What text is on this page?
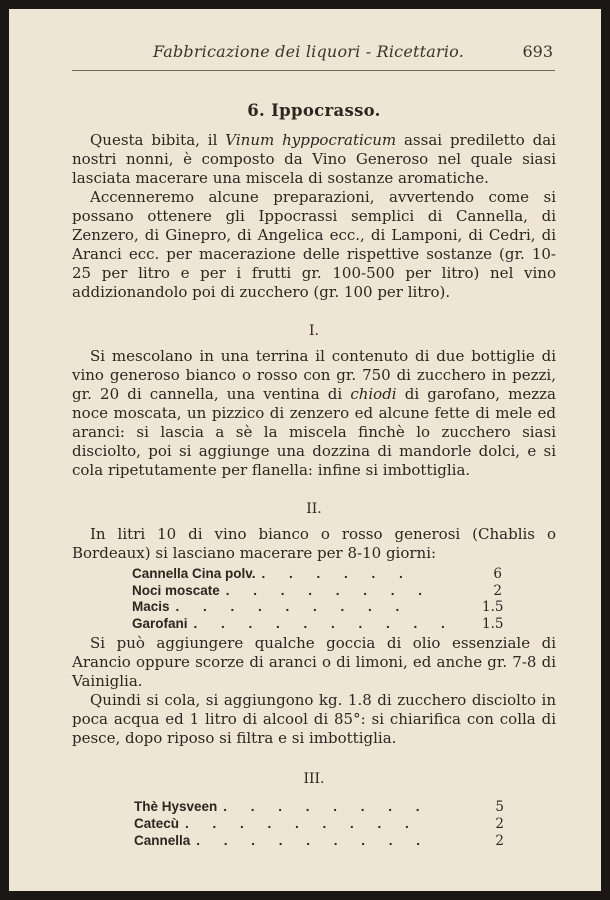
Fabbricazione dei liquori - Ricettario.	693
6. Ippocrasso.

Questa bibita, il Vinum hyppocraticum assai prediletto dai nostri nonni, è composto da Vino Generoso nel quale siasi lasciata macerare una miscela di sostanze aromatiche.

Accenneremo alcune preparazioni, avvertendo come si possano ottenere gli Ippocrassi semplici di Cannella, di Zenzero, di Ginepro, di Angelica ecc., di Lamponi, di Cedri, di Aranci ecc. per macerazione delle rispettive sostanze (gr. 10-25 per litro e per i frutti gr. 100-500 per litro) nel vino addizionandolo poi di zucchero (gr. 100 per litro).

I.

Si mescolano in una terrina il contenuto di due bottiglie di vino generoso bianco o rosso con gr. 750 di zucchero in pezzi, gr. 20 di cannella, una ventina di chiodi di garofano, mezza noce moscata, un pizzico di zenzero ed alcune fette di mele ed aranci: si lascia a sè la miscela finchè lo zucchero siasi disciolto, poi si aggiunge una dozzina di mandorle dolci, e si cola ripetutamente per flanella: infine si imbottiglia.

II.

In litri 10 di vino bianco o rosso generosi (Chablis o Bordeaux) si lasciano macerare per 8-10 giorni:

Cannella Cina polv. . . . . . .	6
Noci moscate . . . . . . . .	2
Macis . . . . . . . . .	1.5
Garofani . . . . . . . . . .	1.5

Si può aggiungere qualche goccia di olio essenziale di Arancio oppure scorze di aranci o di limoni, ed anche gr. 7-8 di Vainiglia.

Quindi si cola, si aggiungono kg. 1.8 di zucchero disciolto in poca acqua ed 1 litro di alcool di 85°: si chiarifica con colla di pesce, dopo riposo si filtra e si imbottiglia.

III.
Thè Hysveen . . . . . . . .	5
Catecù . . . . . . . . .	2
Cannella . . . . . . . . .	2
